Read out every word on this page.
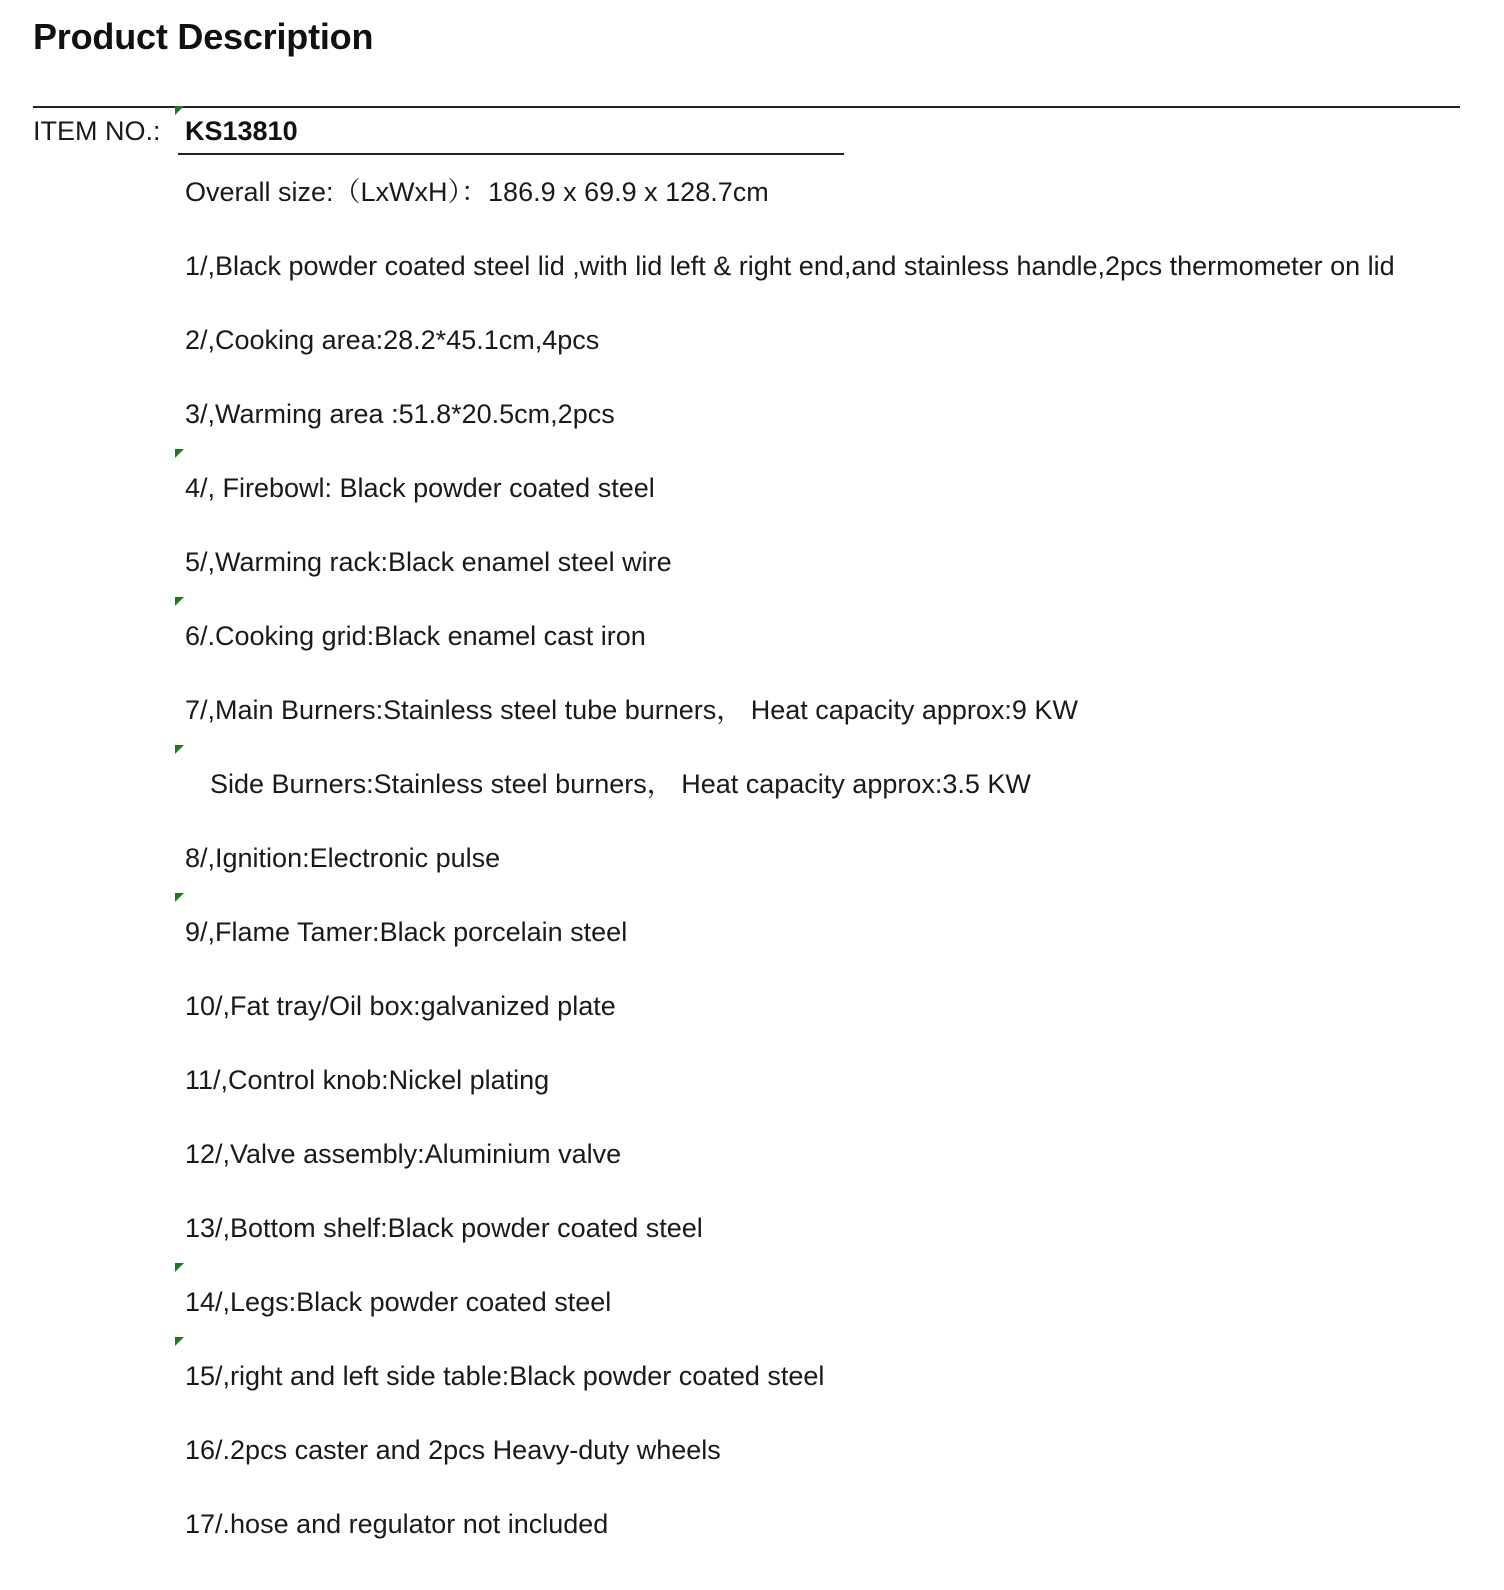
Product Description
ITEM NO.: KS13810
Overall size:（LxWxH）：186.9 x 69.9 x 128.7cm
1/,Black powder coated steel lid ,with lid left & right end,and stainless handle,2pcs thermometer on lid
2/,Cooking area:28.2*45.1cm,4pcs
3/,Warming area :51.8*20.5cm,2pcs
4/, Firebowl: Black powder coated steel
5/,Warming rack:Black enamel steel wire
6/.Cooking grid:Black enamel cast iron
7/,Main Burners:Stainless steel tube burners， Heat capacity approx:9 KW
Side Burners:Stainless steel burners， Heat capacity approx:3.5 KW
8/,Ignition:Electronic pulse
9/,Flame Tamer:Black porcelain steel
10/,Fat tray/Oil box:galvanized plate
11/,Control knob:Nickel plating
12/,Valve assembly:Aluminium valve
13/,Bottom shelf:Black powder coated steel
14/,Legs:Black powder coated steel
15/,right and left side table:Black powder coated steel
16/.2pcs caster and 2pcs Heavy-duty wheels
17/.hose and regulator not included
